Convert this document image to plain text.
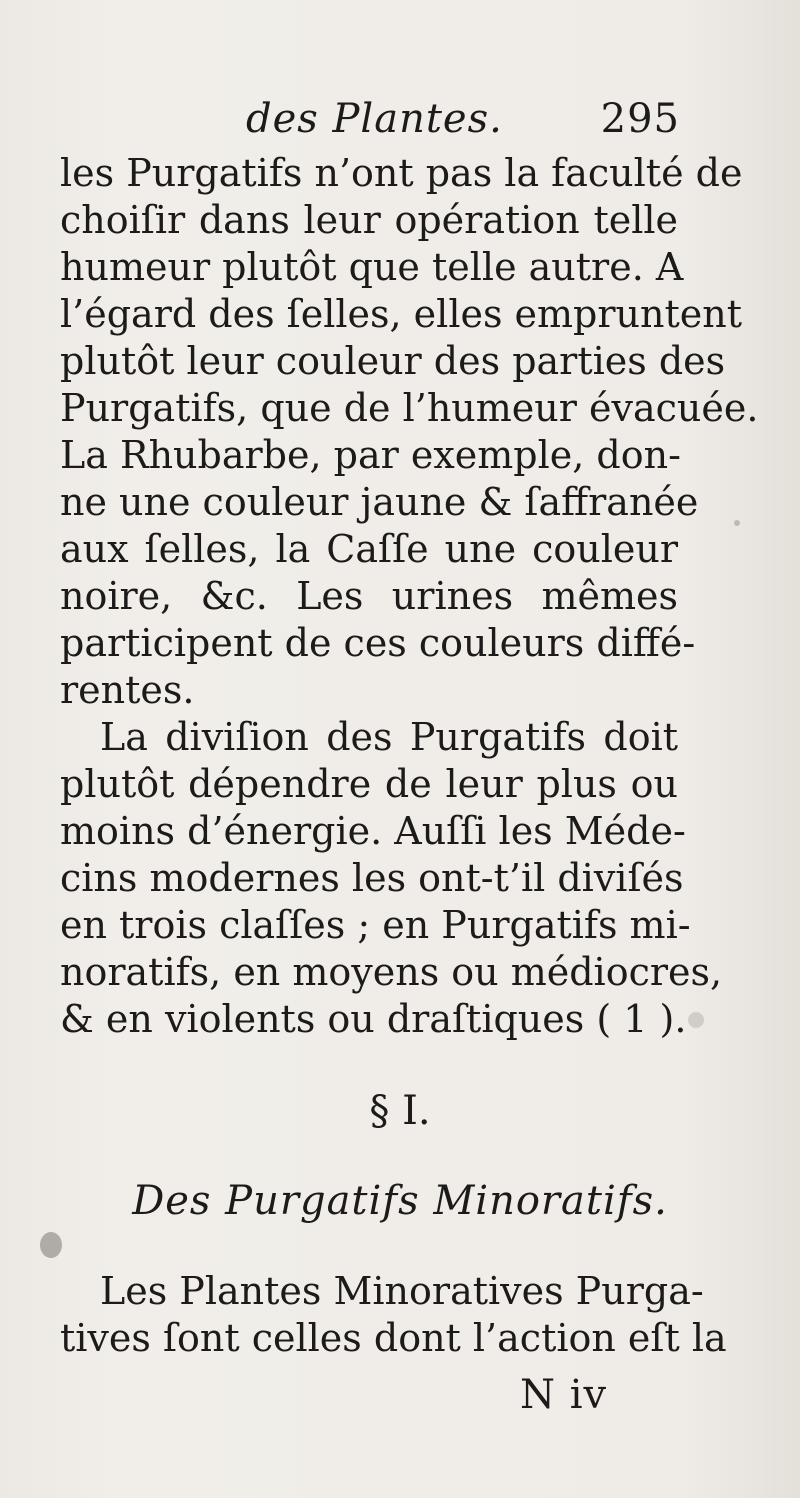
des Plantes. 295
les Purgatifs n’ont pas la faculté de
choiſir dans leur opération telle
humeur plutôt que telle autre. A
l’égard des ſelles, elles empruntent
plutôt leur couleur des parties des
Purgatifs, que de l’humeur évacuée.
La Rhubarbe, par exemple, don-
ne une couleur jaune & ſaffranée
aux ſelles, la Caſſe une couleur
noire, &c. Les urines mêmes
participent de ces couleurs diffé-
rentes.
La diviſion des Purgatifs doit
plutôt dépendre de leur plus ou
moins d’énergie. Auſſi les Méde-
cins modernes les ont-t’il diviſés
en trois claſſes ; en Purgatifs mi-
noratifs, en moyens ou médiocres,
& en violents ou draſtiques ( 1 ).
§ I.
Des Purgatifs Minoratifs.
Les Plantes Minoratives Purga-
tives ſont celles dont l’action eſt la
N iv
